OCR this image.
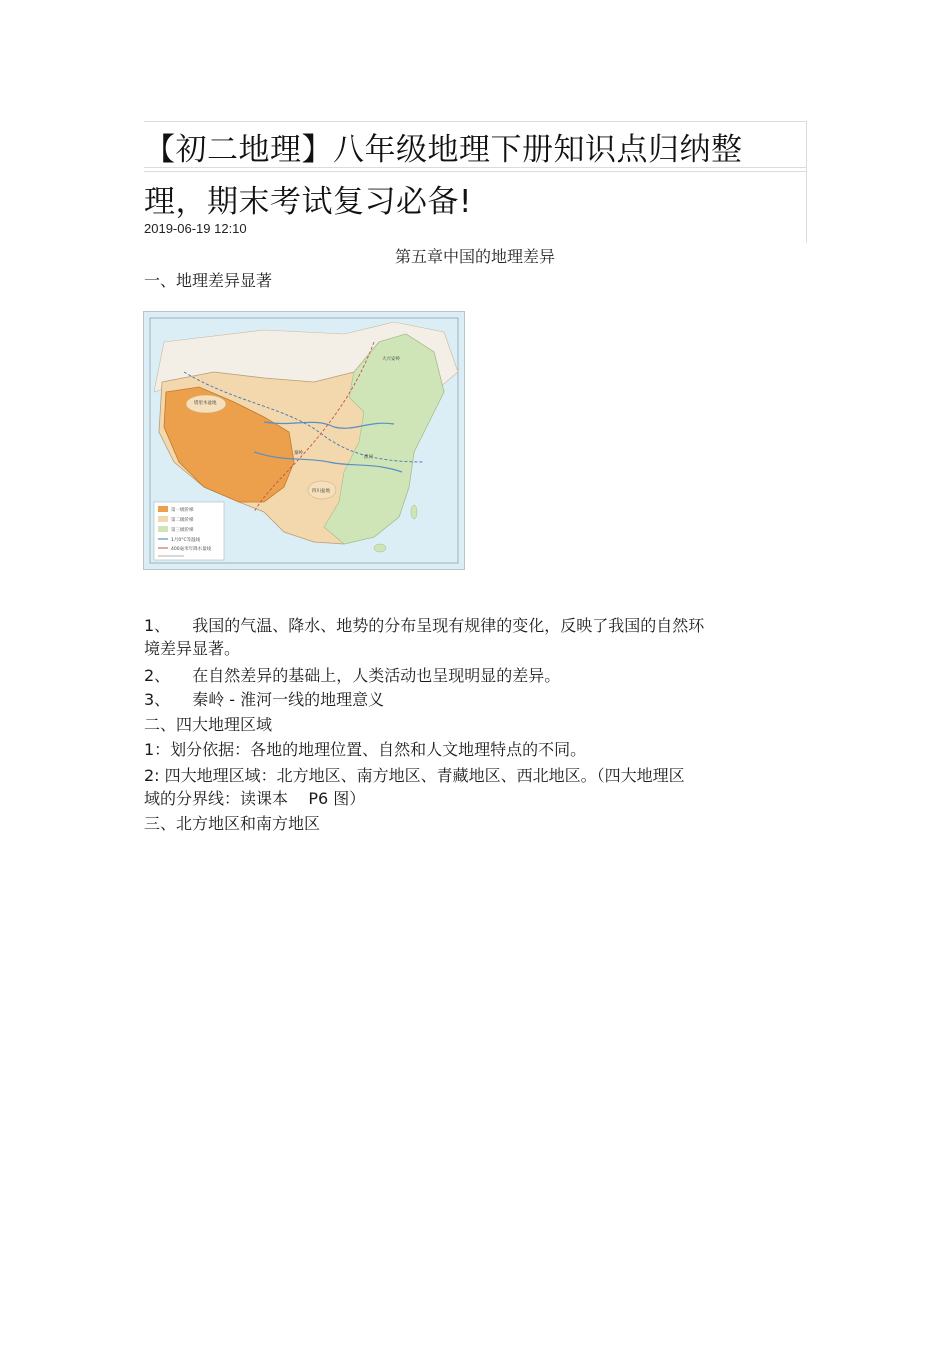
【初二地理】八年级地理下册知识点归纳整
理，期末考试复习必备!
2019-06-19 12:10
第五章中国的地理差异
一、地理差异显著
第一级阶梯
第二级阶梯
第三级阶梯
1月0°C等温线
400毫米年降水量线
塔里木盆地
四川盆地
秦岭
淮河
大兴安岭
1、 我国的气温、降水、地势的分布呈现有规律的变化，反映了我国的自然环
境差异显著。
2、 在自然差异的基础上，人类活动也呈现明显的差异。
3、 秦岭 - 淮河一线的地理意义
二、四大地理区域
1：划分依据：各地的地理位置、自然和人文地理特点的不同。
2: 四大地理区域：北方地区、南方地区、青藏地区、西北地区。（四大地理区
域的分界线：读课本    P6 图）
三、北方地区和南方地区
